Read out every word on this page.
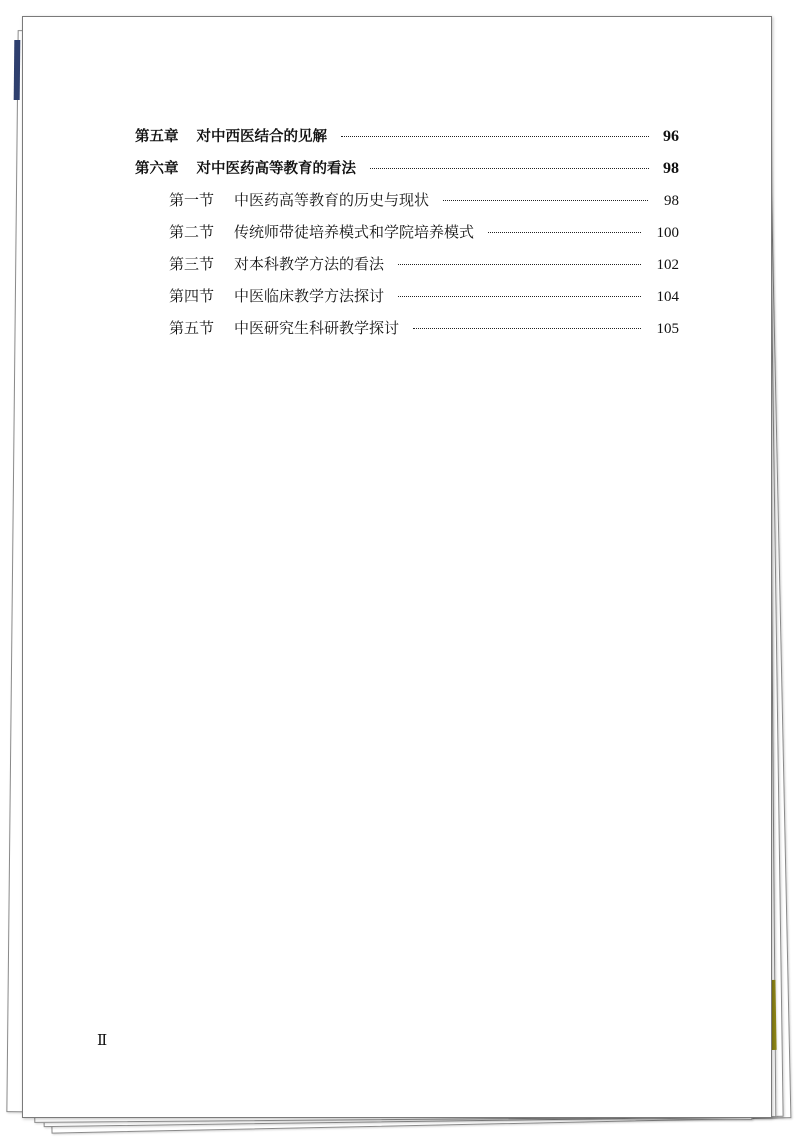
第五章 对中西医结合的见解	96
第六章 对中医药高等教育的看法	98
第一节 中医药高等教育的历史与现状	98
第二节 传统师带徒培养模式和学院培养模式	100
第三节 对本科教学方法的看法	102
第四节 中医临床教学方法探讨	104
第五节 中医研究生科研教学探讨	105
Ⅱ
